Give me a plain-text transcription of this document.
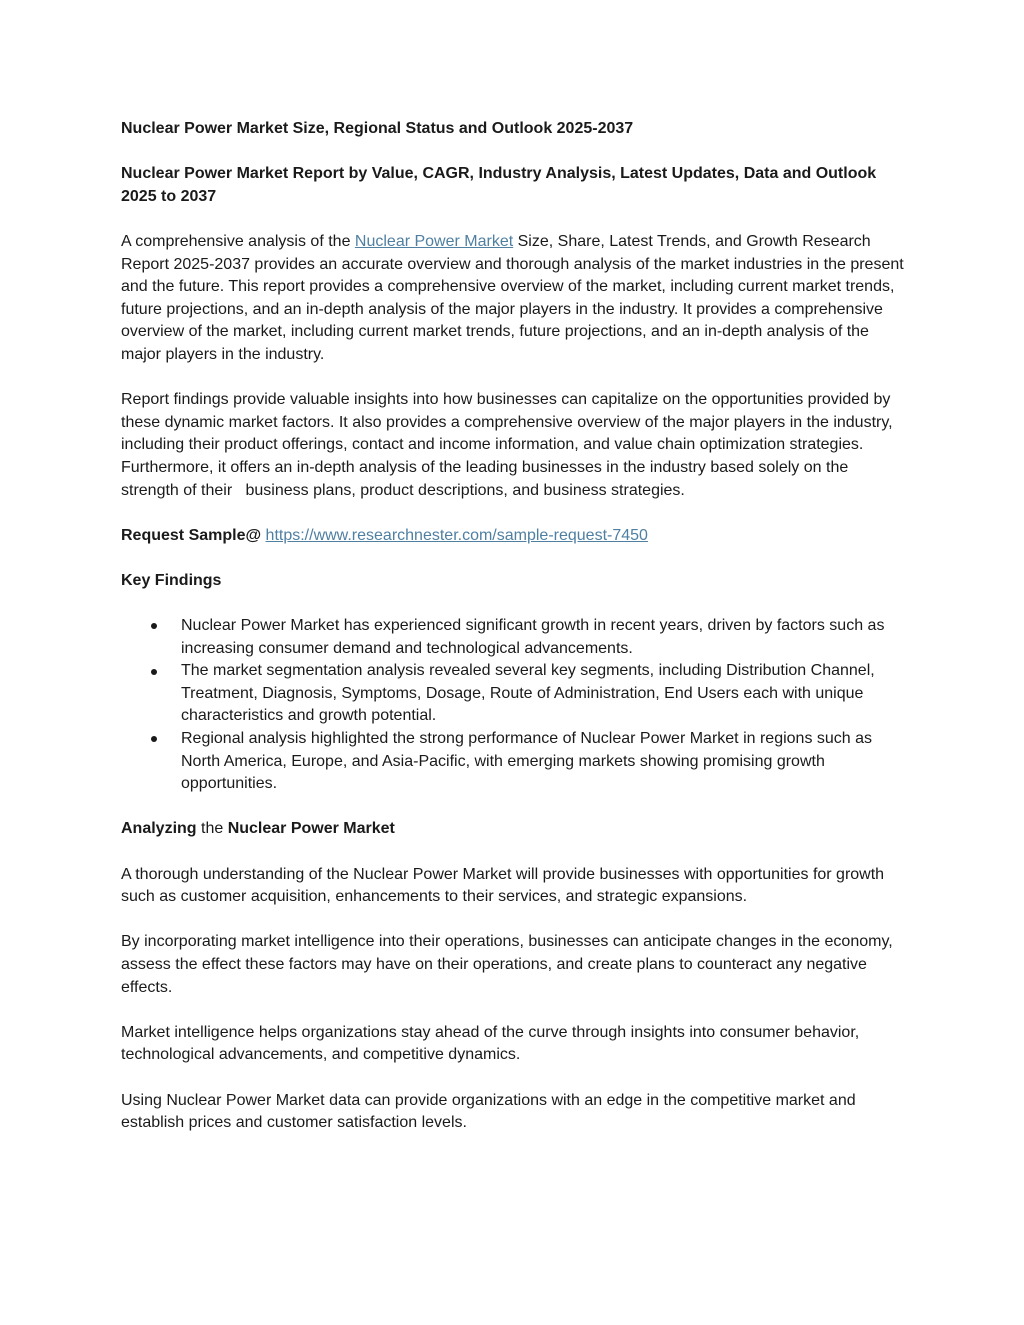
Nuclear Power Market Size, Regional Status and Outlook 2025-2037
Nuclear Power Market Report by Value, CAGR, Industry Analysis, Latest Updates, Data and Outlook 2025 to 2037

A comprehensive analysis of the Nuclear Power Market Size, Share, Latest Trends, and Growth Research Report 2025-2037 provides an accurate overview and thorough analysis of the market industries in the present and the future. This report provides a comprehensive overview of the market, including current market trends, future projections, and an in-depth analysis of the major players in the industry. It provides a comprehensive overview of the market, including current market trends, future projections, and an in-depth analysis of the major players in the industry.

Report findings provide valuable insights into how businesses can capitalize on the opportunities provided by these dynamic market factors. It also provides a comprehensive overview of the major players in the industry, including their product offerings, contact and income information, and value chain optimization strategies. Furthermore, it offers an in-depth analysis of the leading businesses in the industry based solely on the strength of their   business plans, product descriptions, and business strategies.

Request Sample@ https://www.researchnester.com/sample-request-7450

Key Findings

Nuclear Power Market has experienced significant growth in recent years, driven by factors such as increasing consumer demand and technological advancements.
The market segmentation analysis revealed several key segments, including Distribution Channel, Treatment, Diagnosis, Symptoms, Dosage, Route of Administration, End Users each with unique characteristics and growth potential.
Regional analysis highlighted the strong performance of Nuclear Power Market in regions such as North America, Europe, and Asia-Pacific, with emerging markets showing promising growth opportunities.

Analyzing the Nuclear Power Market

A thorough understanding of the Nuclear Power Market will provide businesses with opportunities for growth such as customer acquisition, enhancements to their services, and strategic expansions.

By incorporating market intelligence into their operations, businesses can anticipate changes in the economy, assess the effect these factors may have on their operations, and create plans to counteract any negative effects.

Market intelligence helps organizations stay ahead of the curve through insights into consumer behavior, technological advancements, and competitive dynamics.

Using Nuclear Power Market data can provide organizations with an edge in the competitive market and establish prices and customer satisfaction levels.
